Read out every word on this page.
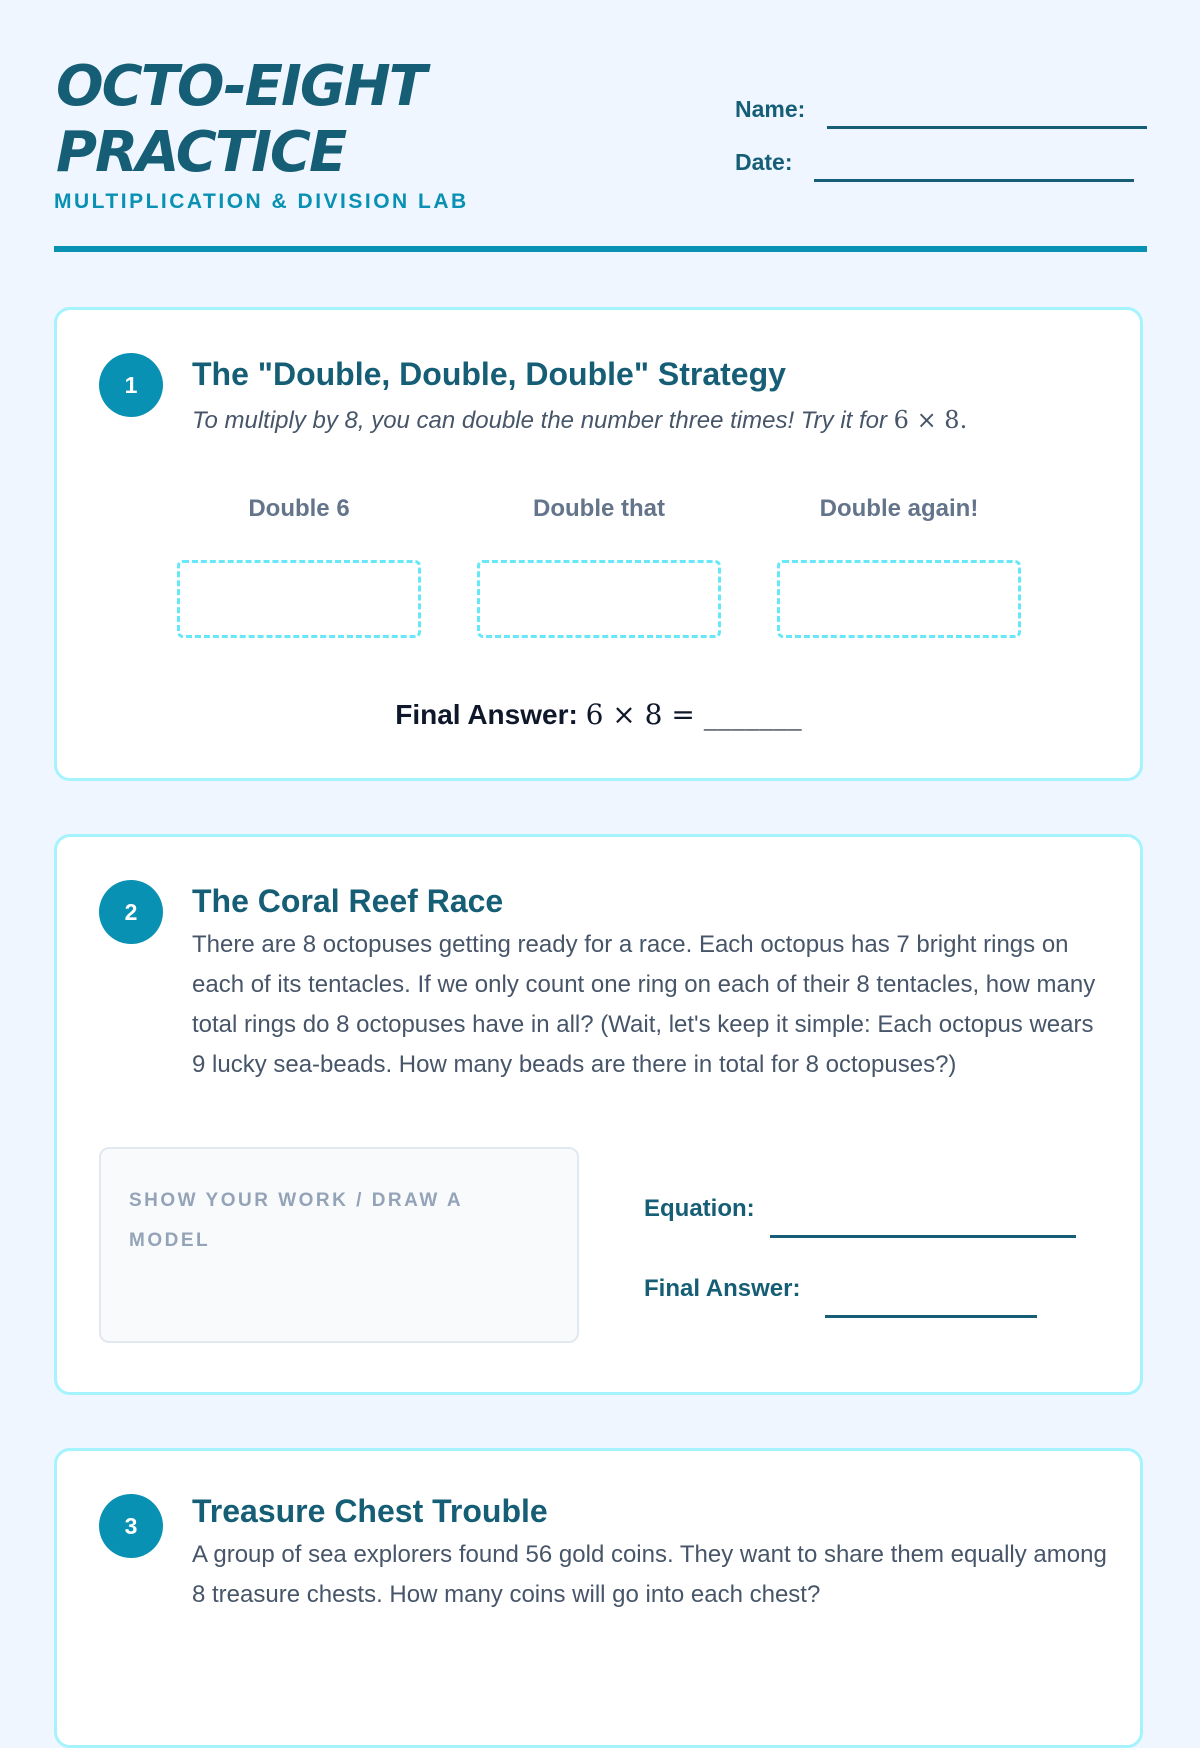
OCTO-EIGHT PRACTICE
MULTIPLICATION & DIVISION LAB
Name:
Date:
1	The "Double, Double, Double" Strategy
To multiply by 8, you can double the number three times! Try it for 6 × 8.
Double 6	Double that	Double again!
Final Answer: 6 × 8 = _______
2	The Coral Reef Race
There are 8 octopuses getting ready for a race. Each octopus has 7 bright rings on each of its tentacles. If we only count one ring on each of their 8 tentacles, how many total rings do 8 octopuses have in all? (Wait, let's keep it simple: Each octopus wears 9 lucky sea-beads. How many beads are there in total for 8 octopuses?)
SHOW YOUR WORK / DRAW A MODEL
Equation:
Final Answer:
3	Treasure Chest Trouble
A group of sea explorers found 56 gold coins. They want to share them equally among 8 treasure chests. How many coins will go into each chest?
